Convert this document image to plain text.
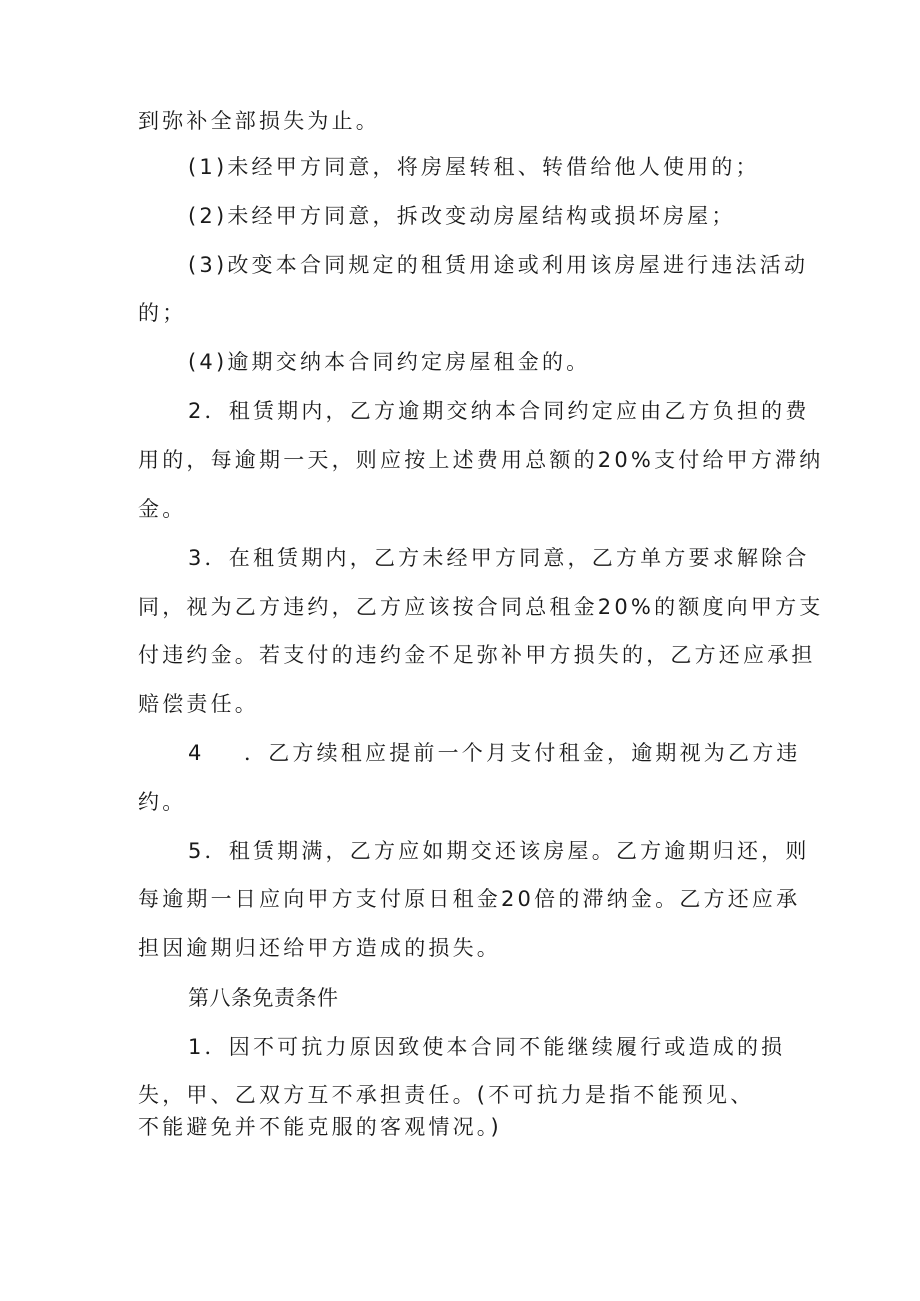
到弥补全部损失为止。
(1)未经甲方同意，将房屋转租、转借给他人使用的；
(2)未经甲方同意，拆改变动房屋结构或损坏房屋；
(3)改变本合同规定的租赁用途或利用该房屋进行违法活动
的；
(4)逾期交纳本合同约定房屋租金的。
2．租赁期内，乙方逾期交纳本合同约定应由乙方负担的费
用的，每逾期一天，则应按上述费用总额的20%支付给甲方滞纳
金。
3．在租赁期内，乙方未经甲方同意，乙方单方要求解除合
同，视为乙方违约，乙方应该按合同总租金20%的额度向甲方支
付违约金。若支付的违约金不足弥补甲方损失的，乙方还应承担
赔偿责任。
4 ．乙方续租应提前一个月支付租金，逾期视为乙方违
约。
5．租赁期满，乙方应如期交还该房屋。乙方逾期归还，则
每逾期一日应向甲方支付原日租金20倍的滞纳金。乙方还应承
担因逾期归还给甲方造成的损失。
第八条免责条件
1．因不可抗力原因致使本合同不能继续履行或造成的损
失，甲、乙双方互不承担责任。(不可抗力是指不能预见、
不能避免并不能克服的客观情况。)
